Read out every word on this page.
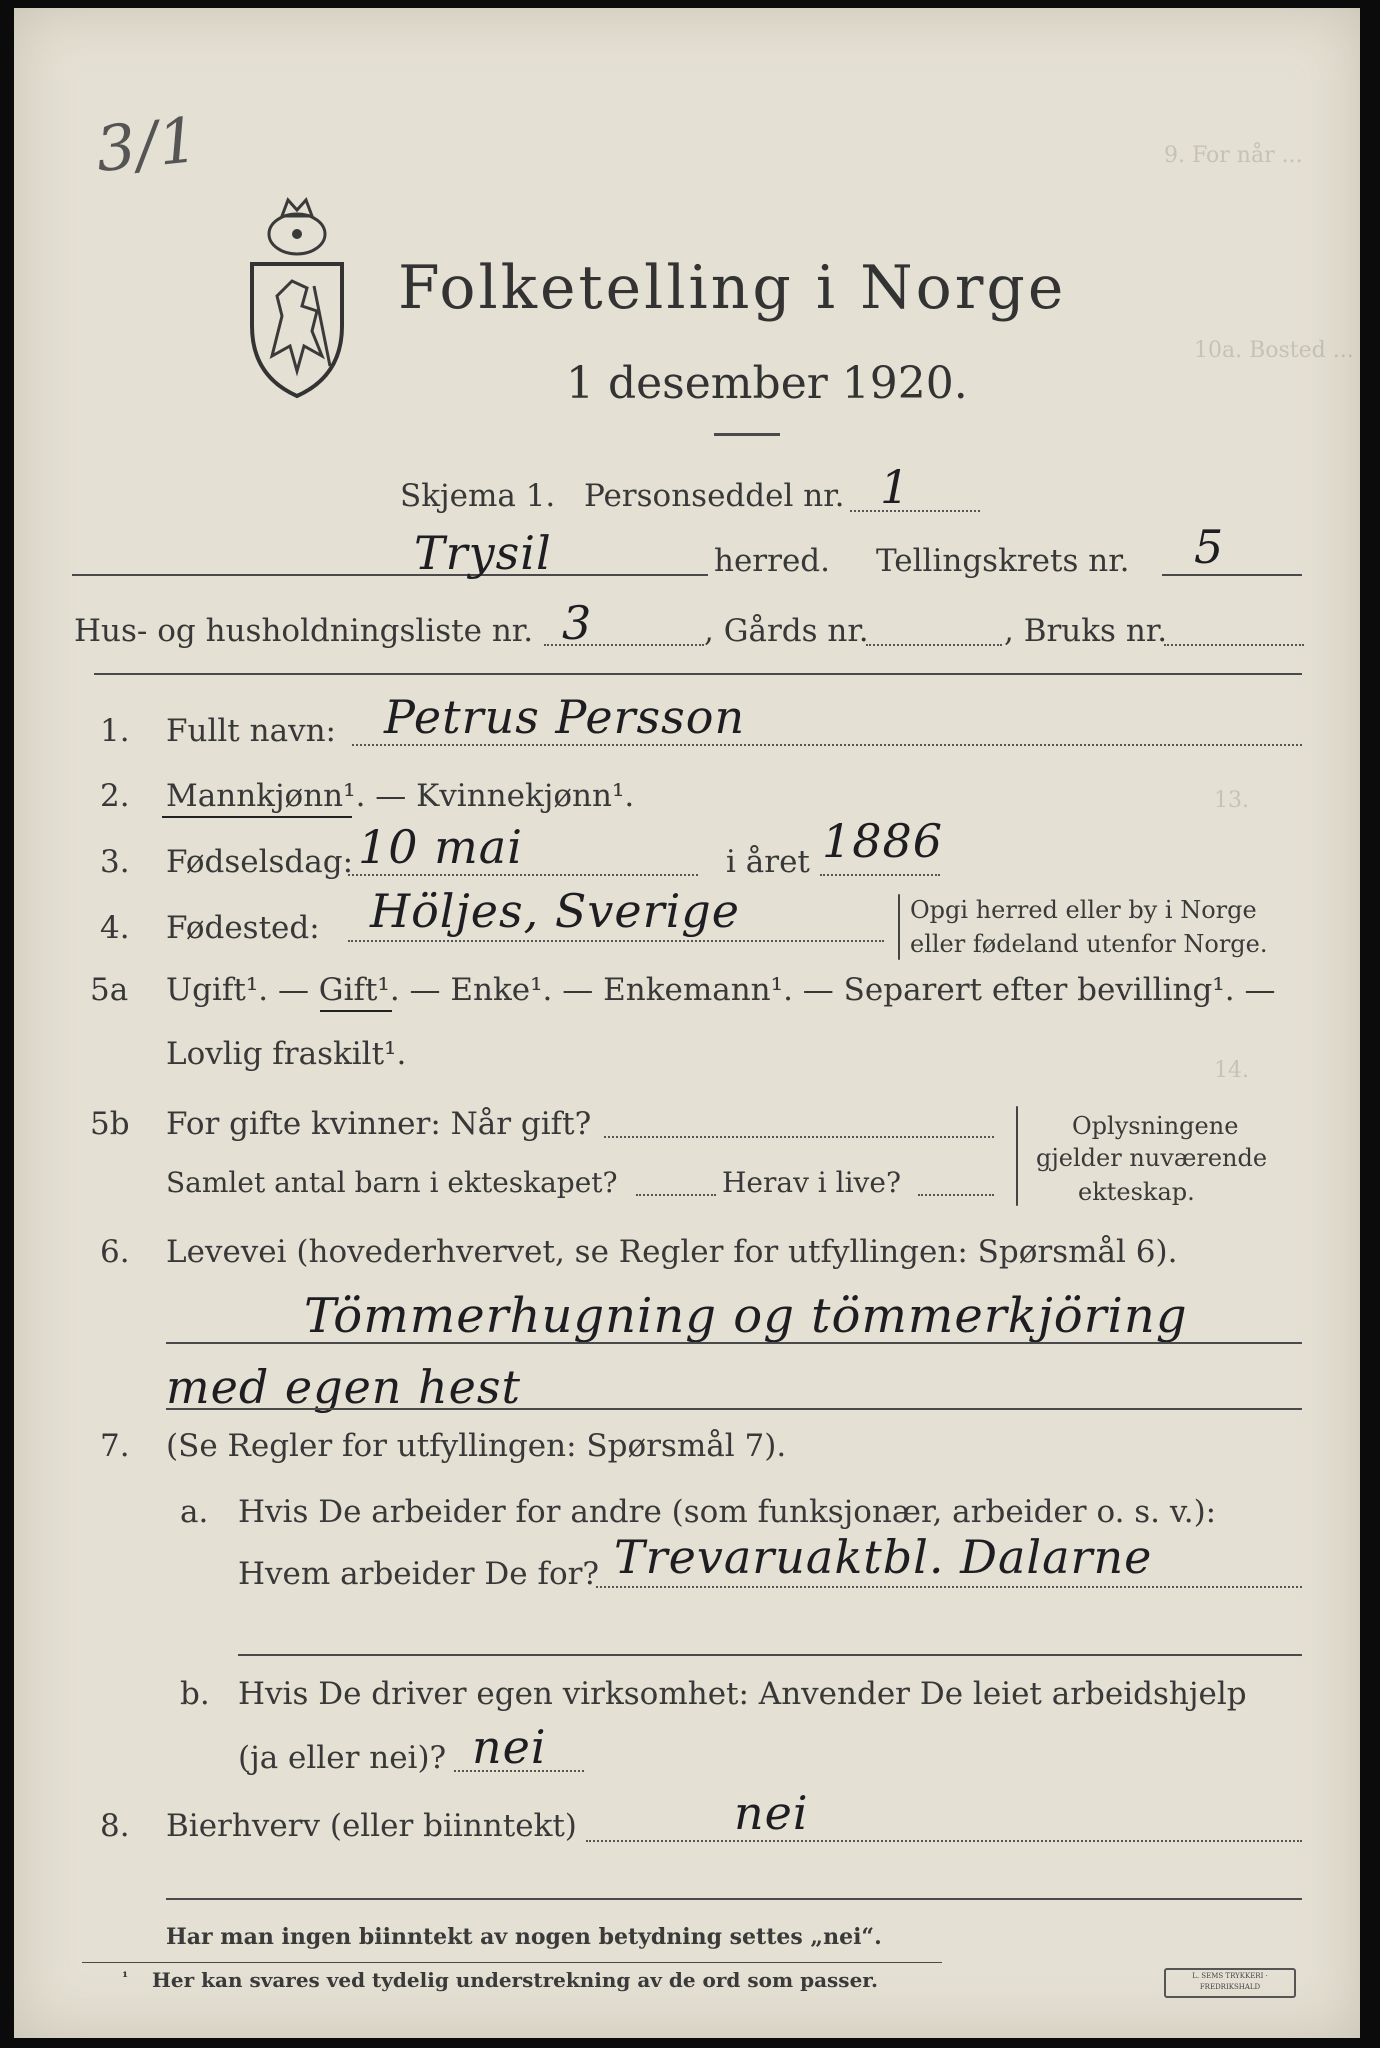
9. For når ...
10a. Bosted ...
13.
14.
3/1
Folketelling i Norge
1 desember 1920.
Skjema 1. Personseddel nr. 1
Trysil	herred. Tellingskrets nr. 5
Hus- og husholdningsliste nr. 3	, Gårds nr.	, Bruks nr.
1. Fullt navn: Petrus Persson
2. Mannkjønn¹. — Kvinnekjønn¹.
3. Fødselsdag: 10 mai	i året 1886
4. Fødested: Höljes, Sverige	Opgi herred eller by i Norge
eller fødeland utenfor Norge.
5a Ugift¹. — Gift¹. — Enke¹. — Enkemann¹. — Separert efter bevilling¹. —
Lovlig fraskilt¹.
5b For gifte kvinner: Når gift?
Samlet antal barn i ekteskapet?	Herav i live?
Oplysningene
gjelder nuværende
ekteskap.
6. Levevei (hovederhvervet, se Regler for utfyllingen: Spørsmål 6).
Tömmerhugning og tömmerkjöring
med egen hest
7. (Se Regler for utfyllingen: Spørsmål 7).
a. Hvis De arbeider for andre (som funksjonær, arbeider o. s. v.):
Hvem arbeider De for? Trevaruaktbl. Dalarne
b. Hvis De driver egen virksomhet: Anvender De leiet arbeidshjelp
(ja eller nei)? nei
8. Bierhverv (eller biinntekt)	nei
Har man ingen biinntekt av nogen betydning settes „nei“.
¹ Her kan svares ved tydelig understrekning av de ord som passer.	L. SEMS TRYKKERI · FREDRIKSHALD
